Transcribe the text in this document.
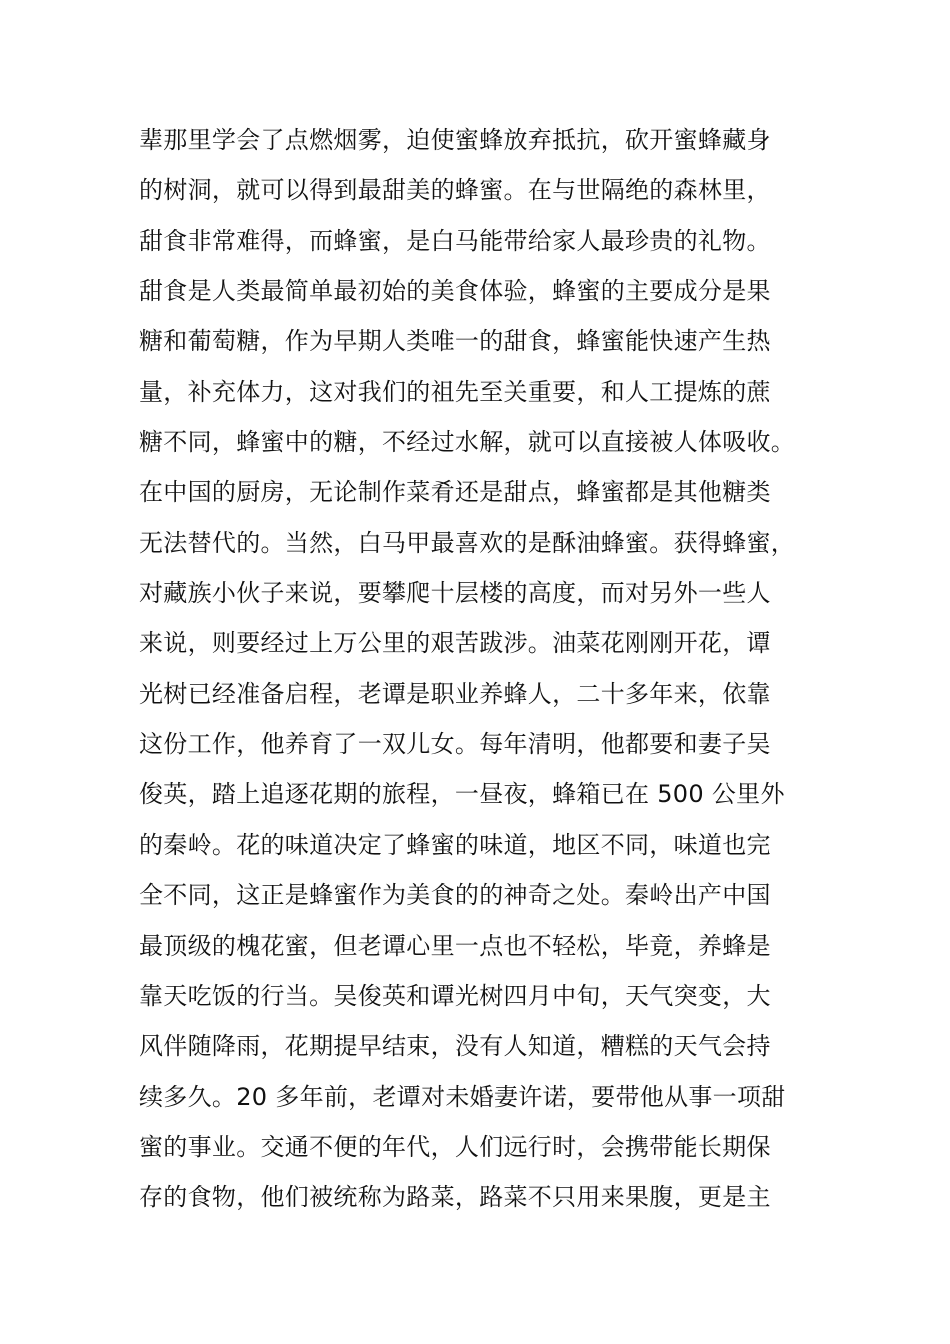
辈那里学会了点燃烟雾，迫使蜜蜂放弃抵抗，砍开蜜蜂藏身
的树洞，就可以得到最甜美的蜂蜜。在与世隔绝的森林里，
甜食非常难得，而蜂蜜，是白马能带给家人最珍贵的礼物。
甜食是人类最简单最初始的美食体验，蜂蜜的主要成分是果
糖和葡萄糖，作为早期人类唯一的甜食，蜂蜜能快速产生热
量，补充体力，这对我们的祖先至关重要，和人工提炼的蔗
糖不同，蜂蜜中的糖，不经过水解，就可以直接被人体吸收。
在中国的厨房，无论制作菜肴还是甜点，蜂蜜都是其他糖类
无法替代的。当然，白马甲最喜欢的是酥油蜂蜜。获得蜂蜜，
对藏族小伙子来说，要攀爬十层楼的高度，而对另外一些人
来说，则要经过上万公里的艰苦跋涉。油菜花刚刚开花，谭
光树已经准备启程，老谭是职业养蜂人，二十多年来，依靠
这份工作，他养育了一双儿女。每年清明，他都要和妻子吴
俊英，踏上追逐花期的旅程，一昼夜，蜂箱已在 500 公里外
的秦岭。花的味道决定了蜂蜜的味道，地区不同，味道也完
全不同，这正是蜂蜜作为美食的的神奇之处。秦岭出产中国
最顶级的槐花蜜，但老谭心里一点也不轻松，毕竟，养蜂是
靠天吃饭的行当。吴俊英和谭光树四月中旬，天气突变，大
风伴随降雨，花期提早结束，没有人知道，糟糕的天气会持
续多久。20 多年前，老谭对未婚妻许诺，要带他从事一项甜
蜜的事业。交通不便的年代，人们远行时，会携带能长期保
存的食物，他们被统称为路菜，路菜不只用来果腹，更是主
